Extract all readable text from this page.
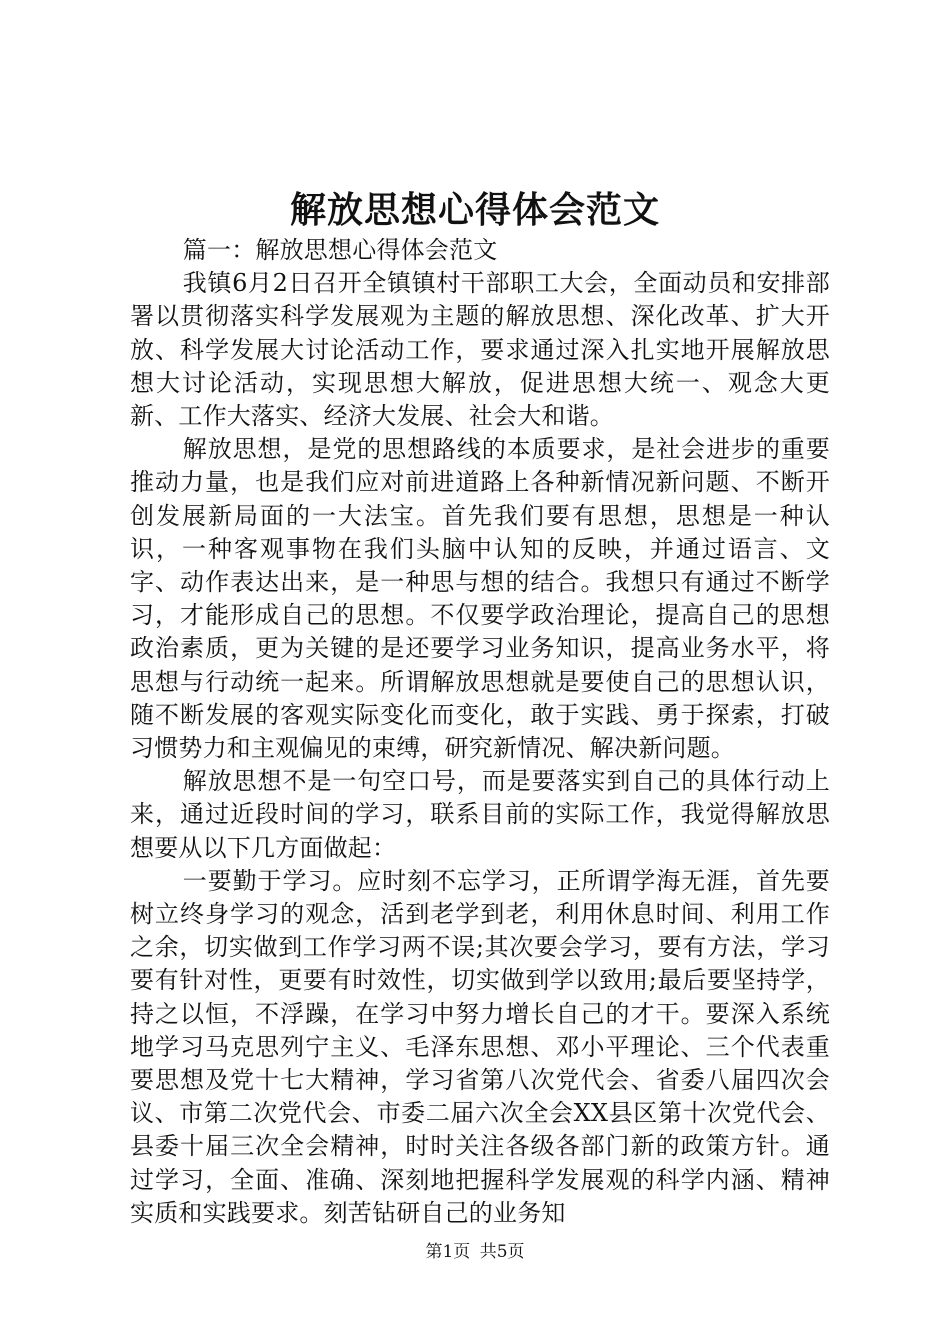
解放思想心得体会范文

篇一：解放思想心得体会范文

我镇6月2日召开全镇镇村干部职工大会，全面动员和安排部署以贯彻落实科学发展观为主题的解放思想、深化改革、扩大开放、科学发展大讨论活动工作，要求通过深入扎实地开展解放思想大讨论活动，实现思想大解放，促进思想大统一、观念大更新、工作大落实、经济大发展、社会大和谐。

解放思想，是党的思想路线的本质要求，是社会进步的重要推动力量，也是我们应对前进道路上各种新情况新问题、不断开创发展新局面的一大法宝。首先我们要有思想，思想是一种认识，一种客观事物在我们头脑中认知的反映，并通过语言、文字、动作表达出来，是一种思与想的结合。我想只有通过不断学习，才能形成自己的思想。不仅要学政治理论，提高自己的思想政治素质，更为关键的是还要学习业务知识，提高业务水平，将思想与行动统一起来。所谓解放思想就是要使自己的思想认识，随不断发展的客观实际变化而变化，敢于实践、勇于探索，打破习惯势力和主观偏见的束缚，研究新情况、解决新问题。

解放思想不是一句空口号，而是要落实到自己的具体行动上来，通过近段时间的学习，联系目前的实际工作，我觉得解放思想要从以下几方面做起：

一要勤于学习。应时刻不忘学习，正所谓学海无涯，首先要树立终身学习的观念，活到老学到老，利用休息时间、利用工作之余，切实做到工作学习两不误;其次要会学习，要有方法，学习要有针对性，更要有时效性，切实做到学以致用;最后要坚持学，持之以恒，不浮躁，在学习中努力增长自己的才干。要深入系统地学习马克思列宁主义、毛泽东思想、邓小平理论、三个代表重要思想及党十七大精神，学习省第八次党代会、省委八届四次会议、市第二次党代会、市委二届六次全会XX县区第十次党代会、县委十届三次全会精神，时时关注各级各部门新的政策方针。通过学习，全面、准确、深刻地把握科学发展观的科学内涵、精神实质和实践要求。刻苦钻研自己的业务知

第1页 共5页
